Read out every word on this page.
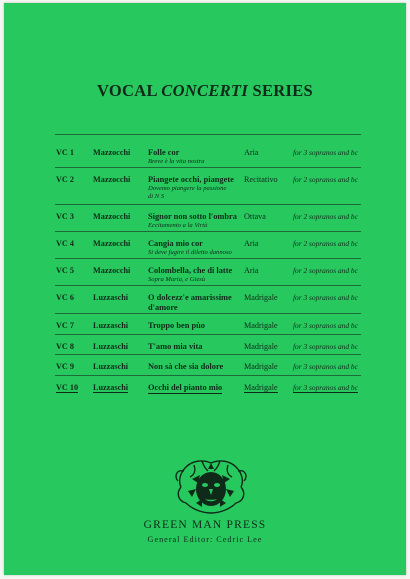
VOCAL CONCERTI SERIES
VC 1 Mazzocchi Folle cor
Breve è la vita nostra
Aria	for 3 sopranos and bc
VC 2 Mazzocchi Piangete occhi, piangete
Dovemo piangere la passione
di N S
Recitativo for 2 sopranos and bc
VC 3 Mazzocchi Signor non sotto l'ombra
Eccitamento a la Virtù
Ottava	for 2 sopranos and bc
VC 4 Mazzocchi Cangia mio cor
Si deve fugire il diletto dannoso
Aria	for 2 sopranos and bc
VC 5 Mazzocchi Colombella, che di latte
Sopra Maria, e Giesù
Aria	for 2 sopranos and bc
VC 6 Luzzaschi O dolcezz'e amarissime
d'amore
Madrigale for 3 sopranos and bc
VC 7 Luzzaschi Troppo ben pùo	Madrigale for 3 sopranos and bc
VC 8 Luzzaschi T'amo mia vita	Madrigale for 3 sopranos and bc
VC 9 Luzzaschi Non sà che sia dolore	Madrigale for 3 sopranos and bc
VC 10 Luzzaschi Occhi del pianto mio	Madrigale for 3 sopranos and bc
GREEN MAN PRESS
General Editor: Cedric Lee
